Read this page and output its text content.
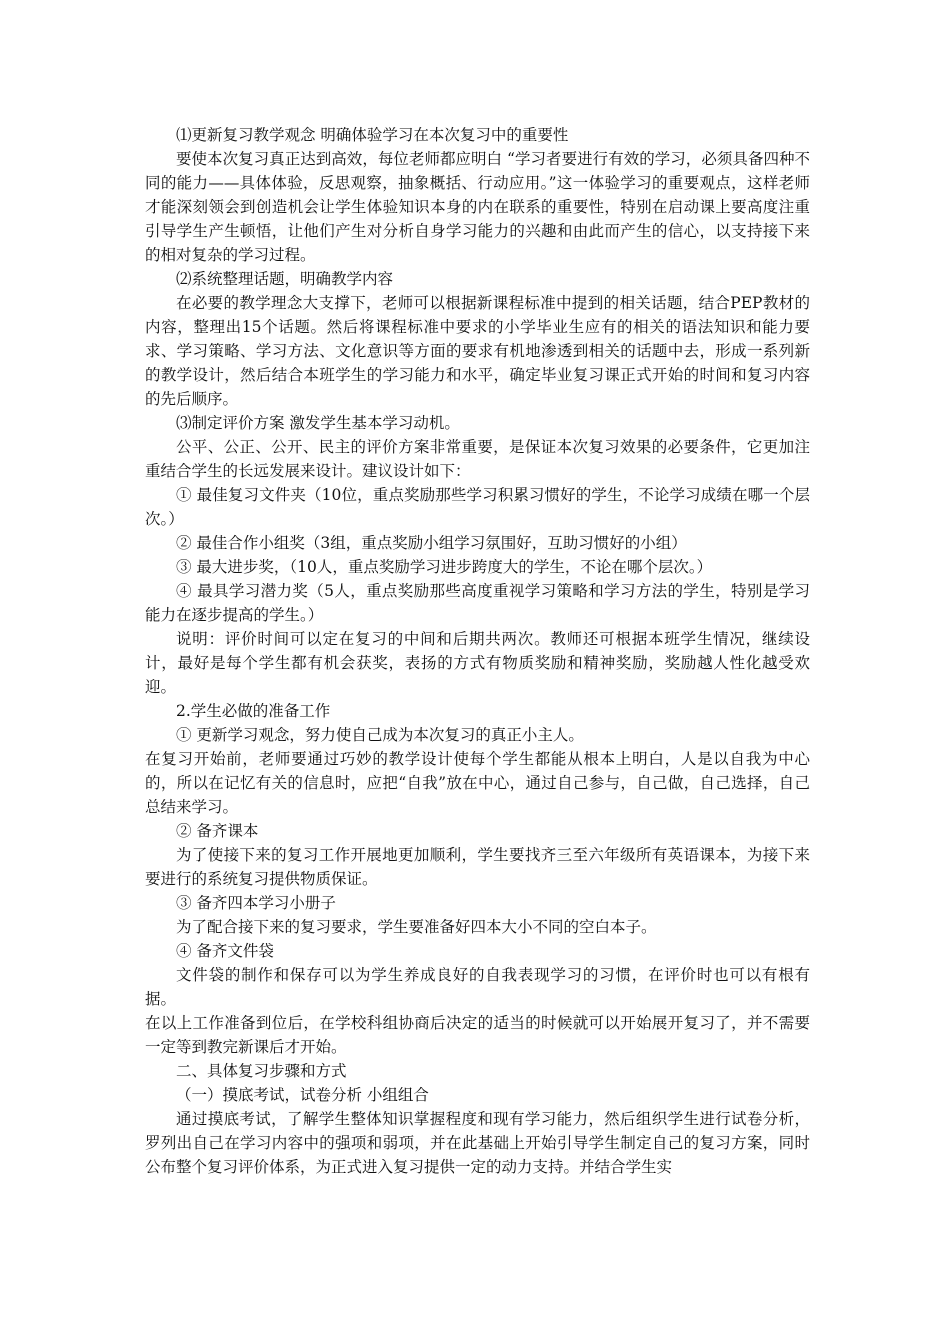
⑴更新复习教学观念 明确体验学习在本次复习中的重要性

要使本次复习真正达到高效，每位老师都应明白 “学习者要进行有效的学习，必须具备四种不同的能力——具体体验，反思观察，抽象概括、行动应用。”这一体验学习的重要观点，这样老师才能深刻领会到创造机会让学生体验知识本身的内在联系的重要性，特别在启动课上要高度注重引导学生产生顿悟，让他们产生对分析自身学习能力的兴趣和由此而产生的信心，以支持接下来的相对复杂的学习过程。

⑵系统整理话题，明确教学内容

在必要的教学理念大支撑下，老师可以根据新课程标准中提到的相关话题，结合PEP教材的内容，整理出15个话题。然后将课程标准中要求的小学毕业生应有的相关的语法知识和能力要求、学习策略、学习方法、文化意识等方面的要求有机地渗透到相关的话题中去，形成一系列新的教学设计，然后结合本班学生的学习能力和水平，确定毕业复习课正式开始的时间和复习内容的先后顺序。

⑶制定评价方案 激发学生基本学习动机。

公平、公正、公开、民主的评价方案非常重要，是保证本次复习效果的必要条件，它更加注重结合学生的长远发展来设计。建议设计如下：

① 最佳复习文件夹（10位，重点奖励那些学习积累习惯好的学生，不论学习成绩在哪一个层次。）

② 最佳合作小组奖（3组，重点奖励小组学习氛围好，互助习惯好的小组）

③ 最大进步奖，（10人，重点奖励学习进步跨度大的学生，不论在哪个层次。）

④ 最具学习潜力奖（5人，重点奖励那些高度重视学习策略和学习方法的学生，特别是学习能力在逐步提高的学生。）

说明：评价时间可以定在复习的中间和后期共两次。教师还可根据本班学生情况，继续设计，最好是每个学生都有机会获奖，表扬的方式有物质奖励和精神奖励，奖励越人性化越受欢迎。

2.学生必做的准备工作

① 更新学习观念，努力使自己成为本次复习的真正小主人。

在复习开始前，老师要通过巧妙的教学设计使每个学生都能从根本上明白，人是以自我为中心的，所以在记忆有关的信息时，应把“自我”放在中心，通过自己参与，自己做，自己选择，自己总结来学习。

② 备齐课本

为了使接下来的复习工作开展地更加顺利，学生要找齐三至六年级所有英语课本，为接下来要进行的系统复习提供物质保证。

③ 备齐四本学习小册子

为了配合接下来的复习要求，学生要准备好四本大小不同的空白本子。

④ 备齐文件袋

文件袋的制作和保存可以为学生养成良好的自我表现学习的习惯，在评价时也可以有根有据。

在以上工作准备到位后，在学校科组协商后决定的适当的时候就可以开始展开复习了，并不需要一定等到教完新课后才开始。

二、具体复习步骤和方式

（一）摸底考试，试卷分析 小组组合

通过摸底考试，了解学生整体知识掌握程度和现有学习能力，然后组织学生进行试卷分析，罗列出自己在学习内容中的强项和弱项，并在此基础上开始引导学生制定自己的复习方案，同时公布整个复习评价体系，为正式进入复习提供一定的动力支持。并结合学生实
